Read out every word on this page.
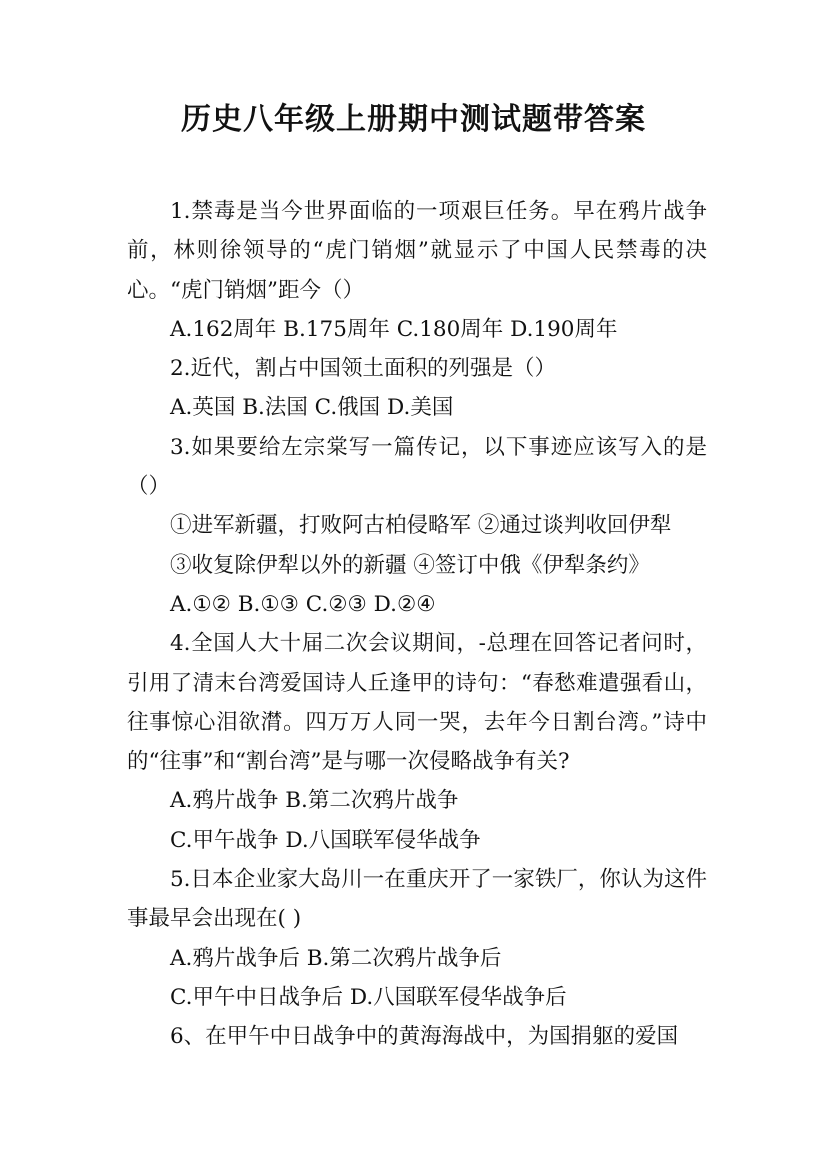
历史八年级上册期中测试题带答案

1.禁毒是当今世界面临的一项艰巨任务。早在鸦片战争前，林则徐领导的“虎门销烟”就显示了中国人民禁毒的决心。“虎门销烟”距今（）

A.162周年 B.175周年 C.180周年 D.190周年

2.近代，割占中国领土面积的列强是（）

A.英国 B.法国 C.俄国 D.美国

3.如果要给左宗棠写一篇传记，以下事迹应该写入的是（）

①进军新疆，打败阿古柏侵略军 ②通过谈判收回伊犁

③收复除伊犁以外的新疆 ④签订中俄《伊犁条约》

A.①② B.①③ C.②③ D.②④

4.全国人大十届二次会议期间，-总理在回答记者问时，引用了清末台湾爱国诗人丘逢甲的诗句：“春愁难遣强看山，往事惊心泪欲潸。四万万人同一哭，去年今日割台湾。”诗中的“往事”和“割台湾”是与哪一次侵略战争有关?

A.鸦片战争 B.第二次鸦片战争

C.甲午战争 D.八国联军侵华战争

5.日本企业家大岛川一在重庆开了一家铁厂，你认为这件事最早会出现在( )

A.鸦片战争后 B.第二次鸦片战争后

C.甲午中日战争后 D.八国联军侵华战争后

6、在甲午中日战争中的黄海海战中，为国捐躯的爱国
